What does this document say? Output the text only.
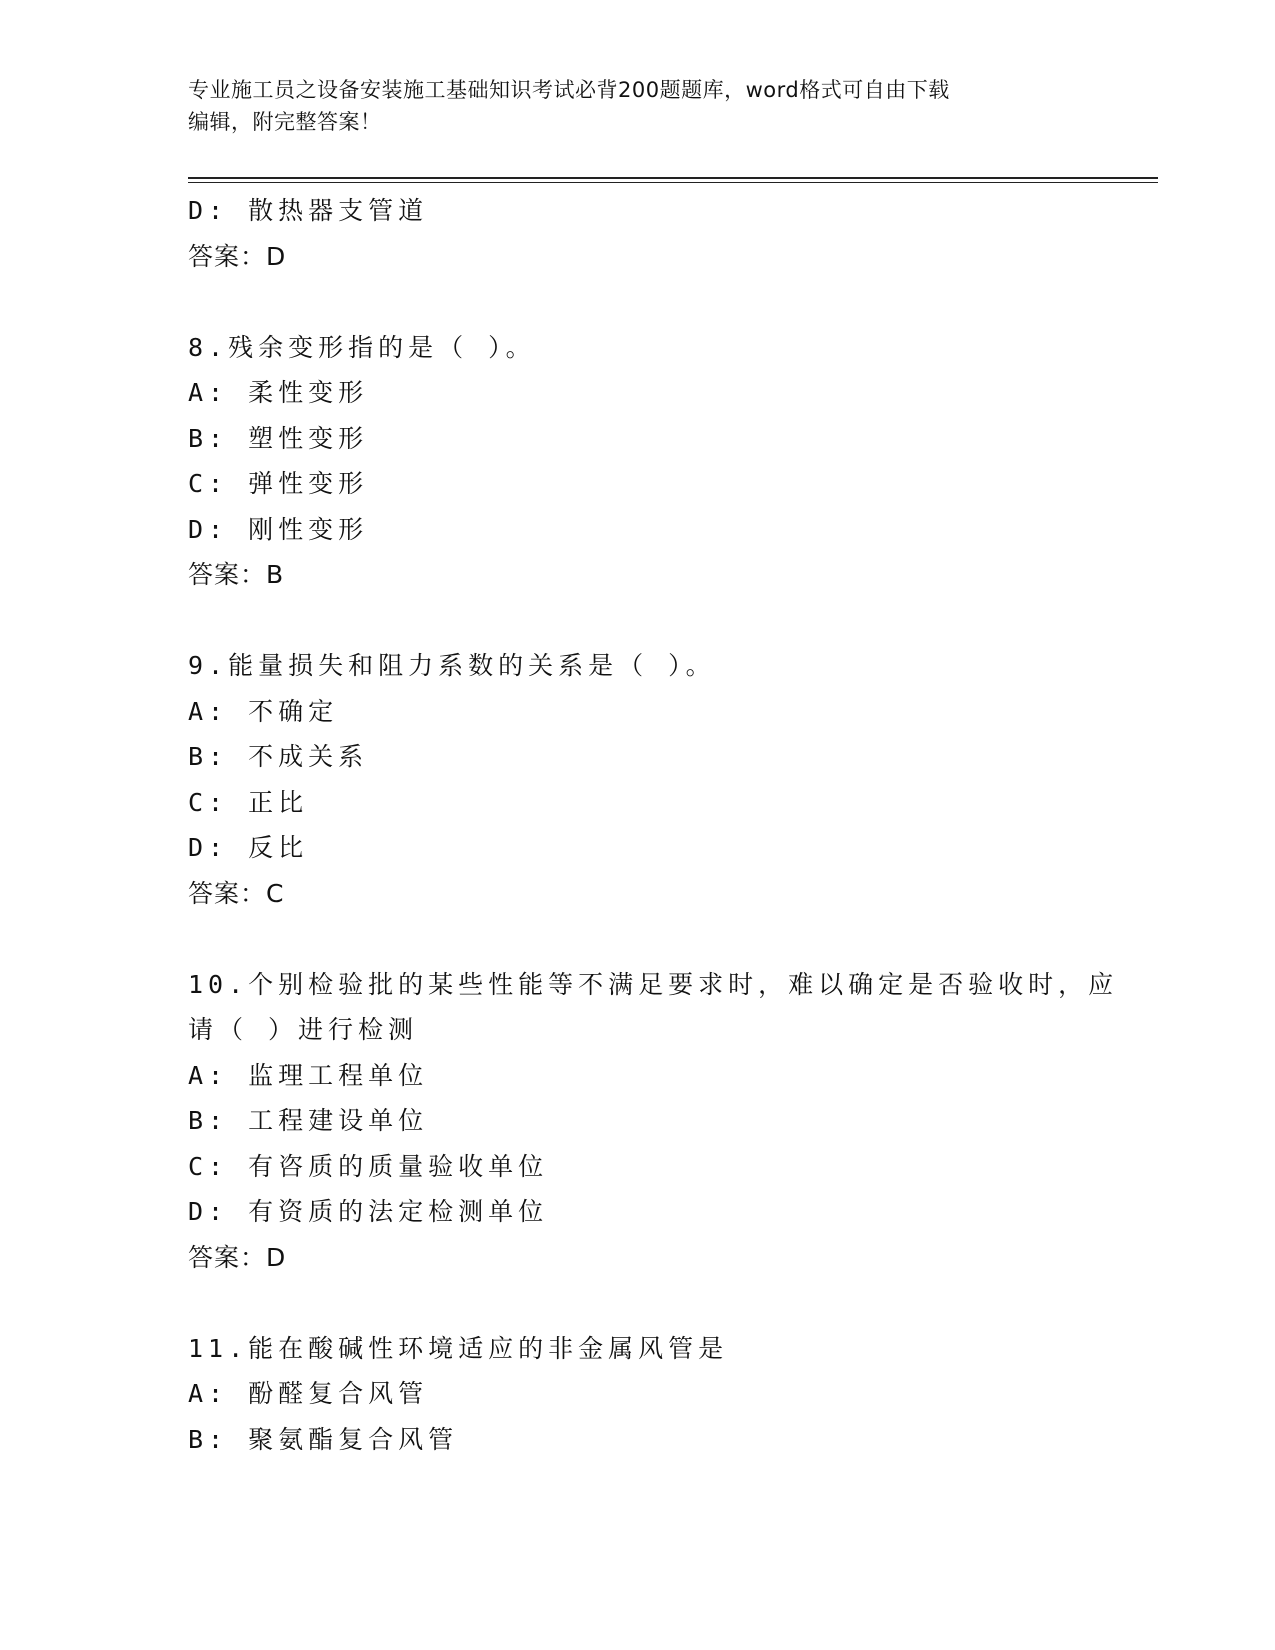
专业施工员之设备安装施工基础知识考试必背200题题库，word格式可自由下载
编辑，附完整答案！
D: 散热器支管道
答案：D
8.残余变形指的是（ ）。
A: 柔性变形
B: 塑性变形
C: 弹性变形
D: 刚性变形
答案：B
9.能量损失和阻力系数的关系是（ ）。
A: 不确定
B: 不成关系
C: 正比
D: 反比
答案：C
10.个别检验批的某些性能等不满足要求时，难以确定是否验收时，应
请（ ）进行检测
A: 监理工程单位
B: 工程建设单位
C: 有咨质的质量验收单位
D: 有资质的法定检测单位
答案：D
11.能在酸碱性环境适应的非金属风管是
A: 酚醛复合风管
B: 聚氨酯复合风管
